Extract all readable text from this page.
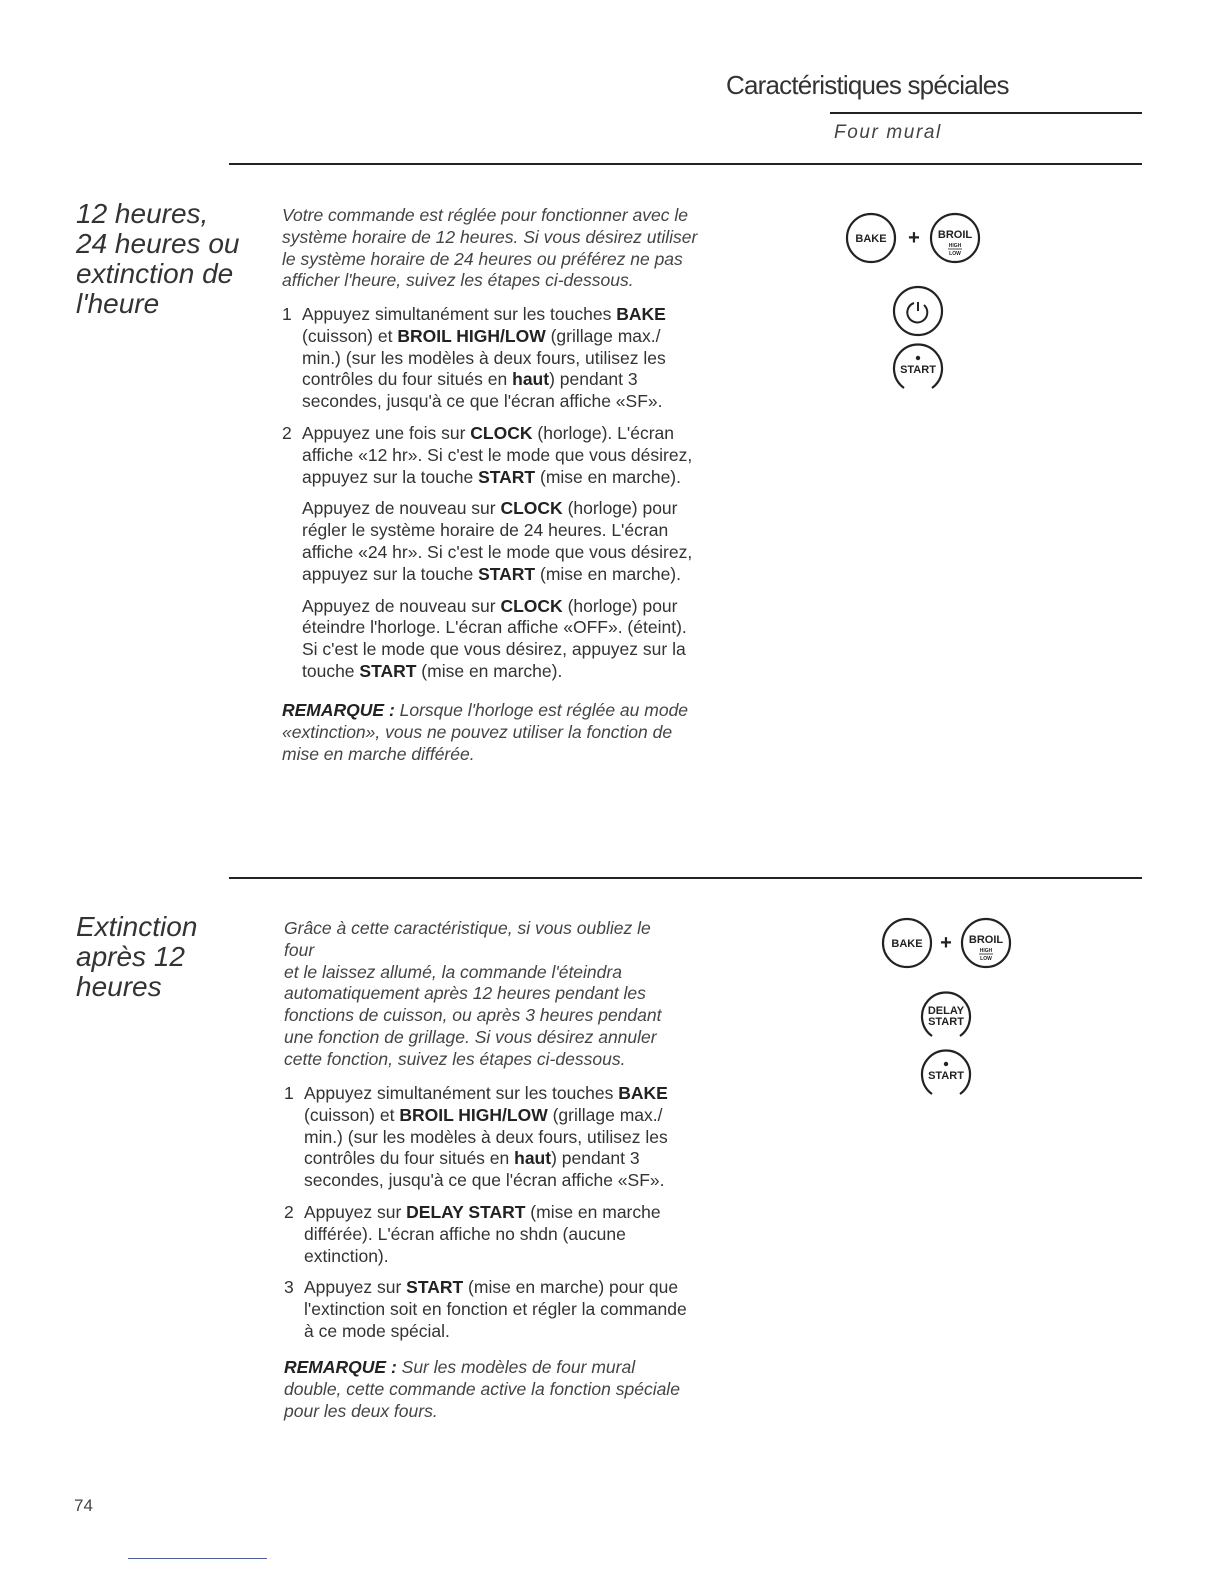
Caractéristiques spéciales
Four mural
12 heures,
24 heures ou
extinction de
l'heure
Votre commande est réglée pour fonctionner avec le
système horaire de 12 heures. Si vous désirez utiliser
le système horaire de 24 heures ou préférez ne pas
afficher l'heure, suivez les étapes ci-dessous.
1 Appuyez simultanément sur les touches BAKE
(cuisson) et BROIL HIGH/LOW (grillage max./
min.) (sur les modèles à deux fours, utilisez les
contrôles du four situés en haut) pendant 3
secondes, jusqu'à ce que l'écran affiche «SF».

2 Appuyez une fois sur CLOCK (horloge). L'écran
affiche «12 hr». Si c'est le mode que vous désirez,
appuyez sur la touche START (mise en marche).

Appuyez de nouveau sur CLOCK (horloge) pour
régler le système horaire de 24 heures. L'écran
affiche «24 hr». Si c'est le mode que vous désirez,
appuyez sur la touche START (mise en marche).

Appuyez de nouveau sur CLOCK (horloge) pour
éteindre l'horloge. L'écran affiche «OFF». (éteint).
Si c'est le mode que vous désirez, appuyez sur la
touche START (mise en marche).

REMARQUE : Lorsque l'horloge est réglée au mode
«extinction», vous ne pouvez utiliser la fonction de
mise en marche différée.
BAKE + BROIL
HIGH
LOW
START
Extinction
après 12
heures
Grâce à cette caractéristique, si vous oubliez le
four
et le laissez allumé, la commande l'éteindra
automatiquement après 12 heures pendant les
fonctions de cuisson, ou après 3 heures pendant
une fonction de grillage. Si vous désirez annuler
cette fonction, suivez les étapes ci-dessous.
1 Appuyez simultanément sur les touches BAKE
(cuisson) et BROIL HIGH/LOW (grillage max./
min.) (sur les modèles à deux fours, utilisez les
contrôles du four situés en haut) pendant 3
secondes, jusqu'à ce que l'écran affiche «SF».

2 Appuyez sur DELAY START (mise en marche
différée). L'écran affiche no shdn (aucune
extinction).

3 Appuyez sur START (mise en marche) pour que
l'extinction soit en fonction et régler la commande
à ce mode spécial.

REMARQUE : Sur les modèles de four mural
double, cette commande active la fonction spéciale
pour les deux fours.
BAKE + BROIL
HIGH
LOW
DELAY
START
START
74
